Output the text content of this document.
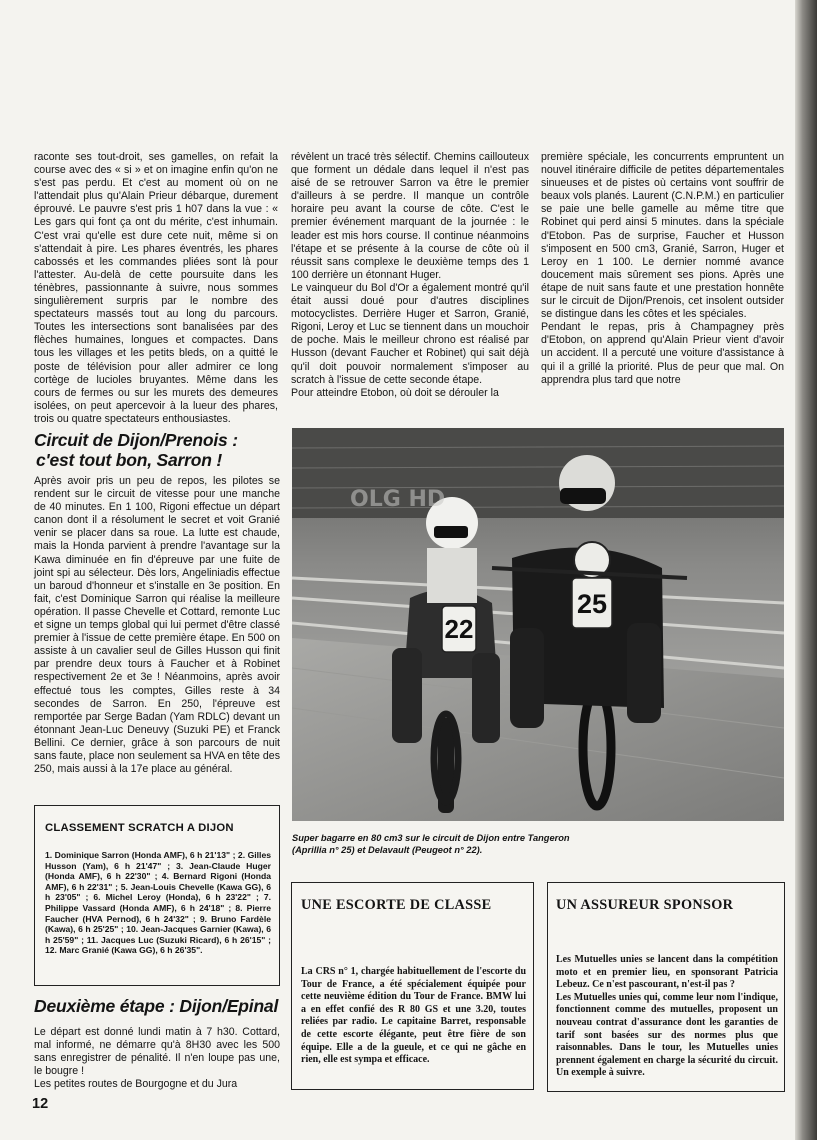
raconte ses tout-droit, ses gamelles, on refait la course avec des « si » et on imagine enfin qu'on ne s'est pas perdu. Et c'est au moment où on ne l'attendait plus qu'Alain Prieur débarque, durement éprouvé. Le pauvre s'est pris 1 h07 dans la vue : « Les gars qui font ça ont du mérite, c'est inhumain. C'est vrai qu'elle est dure cete nuit, même si on s'attendait à pire. Les phares éventrés, les phares cabossés et les commandes pliées sont là pour l'attester. Au-delà de cette poursuite dans les ténèbres, passionnante à suivre, nous sommes singulièrement surpris par le nombre des spectateurs massés tout au long du parcours. Toutes les intersections sont banalisées par des flèches humaines, longues et compactes. Dans tous les villages et les petits bleds, on a quitté le poste de télévision pour aller admirer ce long cortège de lucioles bruyantes. Même dans les cours de fermes ou sur les murets des demeures isolées, on peut apercevoir à la lueur des phares, trois ou quatre spectateurs enthousiastes.

Circuit de Dijon/Prenois :
c'est tout bon, Sarron !

Après avoir pris un peu de repos, les pilotes se rendent sur le circuit de vitesse pour une manche de 40 minutes. En 1 100, Rigoni effectue un départ canon dont il a résolument le secret et voit Granié venir se placer dans sa roue. La lutte est chaude, mais la Honda parvient à prendre l'avantage sur la Kawa diminuée en fin d'épreuve par une fuite de joint spi au sélecteur. Dès lors, Angeliniadis effectue un baroud d'honneur et s'installe en 3e position. En fait, c'est Dominique Sarron qui réalise la meilleure opération. Il passe Chevelle et Cottard, remonte Luc et signe un temps global qui lui permet d'être classé premier à l'issue de cette première étape. En 500 on assiste à un cavalier seul de Gilles Husson qui finit par prendre deux tours à Faucher et à Robinet respectivement 2e et 3e ! Néanmoins, après avoir effectué tous les comptes, Gilles reste à 34 secondes de Sarron. En 250, l'épreuve est remportée par Serge Badan (Yam RDLC) devant un étonnant Jean-Luc Deneuvy (Suzuki PE) et Franck Bellini. Ce dernier, grâce à son parcours de nuit sans faute, place non seulement sa HVA en tête des 250, mais aussi à la 17e place au général.

CLASSEMENT SCRATCH A DIJON
1. Dominique Sarron (Honda AMF), 6 h 21'13" ; 2. Gilles Husson (Yam), 6 h 21'47" ; 3. Jean-Claude Huger (Honda AMF), 6 h 22'30" ; 4. Bernard Rigoni (Honda AMF), 6 h 22'31" ; 5. Jean-Louis Chevelle (Kawa GG), 6 h 23'05" ; 6. Michel Leroy (Honda), 6 h 23'22" ; 7. Philippe Vassard (Honda AMF), 6 h 24'18" ; 8. Pierre Faucher (HVA Pernod), 6 h 24'32" ; 9. Bruno Fardèle (Kawa), 6 h 25'25" ; 10. Jean-Jacques Garnier (Kawa), 6 h 25'59" ; 11. Jacques Luc (Suzuki Ricard), 6 h 26'15" ; 12. Marc Granié (Kawa GG), 6 h 26'35".
Deuxième étape : Dijon/Epinal

Le départ est donné lundi matin à 7 h30. Cottard, mal informé, ne démarre qu'à 8H30 avec les 500 sans enregistrer de pénalité. Il n'en loupe pas une, le bougre !

Les petites routes de Bourgogne et du Jura

révèlent un tracé très sélectif. Chemins caillouteux que forment un dédale dans lequel il n'est pas aisé de se retrouver Sarron va être le premier d'ailleurs à se perdre. Il manque un contrôle horaire peu avant la course de côte. C'est le premier événement marquant de la journée : le leader est mis hors course. Il continue néanmoins l'étape et se présente à la course de côte où il réussit sans complexe le deuxième temps des 1 100 derrière un étonnant Huger.

Le vainqueur du Bol d'Or a également montré qu'il était aussi doué pour d'autres disciplines motocyclistes. Derrière Huger et Sarron, Granié, Rigoni, Leroy et Luc se tiennent dans un mouchoir de poche. Mais le meilleur chrono est réalisé par Husson (devant Faucher et Robinet) qui sait déjà qu'il doit pouvoir normalement s'imposer au scratch à l'issue de cette seconde étape.

Pour atteindre Etobon, où doit se dérouler la

première spéciale, les concurrents empruntent un nouvel itinéraire difficile de petites départementales sinueuses et de pistes où certains vont souffrir de beaux vols planés. Laurent (C.N.P.M.) en particulier se paie une belle gamelle au même titre que Robinet qui perd ainsi 5 minutes. dans la spéciale d'Etobon. Pas de surprise, Faucher et Husson s'imposent en 500 cm3, Granié, Sarron, Huger et Leroy en 1 100. Le dernier nommé avance doucement mais sûrement ses pions. Après une étape de nuit sans faute et une prestation honnête sur le circuit de Dijon/Prenois, cet insolent outsider se distingue dans les côtes et les spéciales.

Pendant le repas, pris à Champagney près d'Etobon, on apprend qu'Alain Prieur vient d'avoir un accident. Il a percuté une voiture d'assistance à qui il a grillé la priorité. Plus de peur que mal. On apprendra plus tard que notre

22
25
OLG HD
Super bagarre en 80 cm3 sur le circuit de Dijon entre Tangeron (Aprillia n° 25) et Delavault (Peugeot n° 22).
UNE ESCORTE DE CLASSE
La CRS n° 1, chargée habituellement de l'escorte du Tour de France, a été spécialement équipée pour cette neuvième édition du Tour de France. BMW lui a en effet confié des R 80 GS et une 3.20, toutes reliées par radio. Le capitaine Barret, responsable de cette escorte élégante, peut être fière de son équipe. Elle a de la gueule, et ce qui ne gâche en rien, elle est sympa et efficace.
UN ASSUREUR SPONSOR
Les Mutuelles unies se lancent dans la compétition moto et en premier lieu, en sponsorant Patricia Lebeuz. Ce n'est pascourant, n'est-il pas ?
Les Mutuelles unies qui, comme leur nom l'indique, fonctionnent comme des mutuelles, proposent un nouveau contrat d'assurance dont les garanties de tarif sont basées sur des normes plus que raisonnables. Dans le tour, les Mutuelles unies prennent également en charge la sécurité du circuit. Un exemple à suivre.
12
